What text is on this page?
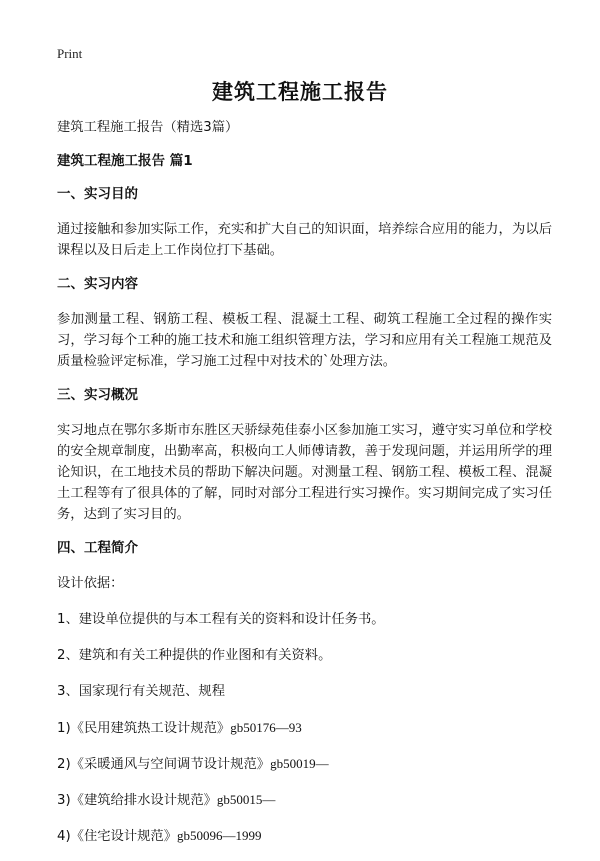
Print
建筑工程施工报告

建筑工程施工报告（精选3篇）

建筑工程施工报告 篇1

一、实习目的

通过接触和参加实际工作，充实和扩大自己的知识面，培养综合应用的能力，为以后课程以及日后走上工作岗位打下基础。

二、实习内容

参加测量工程、钢筋工程、模板工程、混凝土工程、砌筑工程施工全过程的操作实习，学习每个工种的施工技术和施工组织管理方法，学习和应用有关工程施工规范及质量检验评定标准，学习施工过程中对技术的`处理方法。

三、实习概况

实习地点在鄂尔多斯市东胜区天骄绿苑佳泰小区参加施工实习，遵守实习单位和学校的安全规章制度，出勤率高，积极向工人师傅请教，善于发现问题，并运用所学的理论知识，在工地技术员的帮助下解决问题。对测量工程、钢筋工程、模板工程、混凝土工程等有了很具体的了解，同时对部分工程进行实习操作。实习期间完成了实习任务，达到了实习目的。

四、工程简介

设计依据：

1、建设单位提供的与本工程有关的资料和设计任务书。

2、建筑和有关工种提供的作业图和有关资料。

3、国家现行有关规范、规程

1)《民用建筑热工设计规范》gb50176—93

2)《采暖通风与空间调节设计规范》gb50019—

3)《建筑给排水设计规范》gb50015—

4)《住宅设计规范》gb50096—1999
